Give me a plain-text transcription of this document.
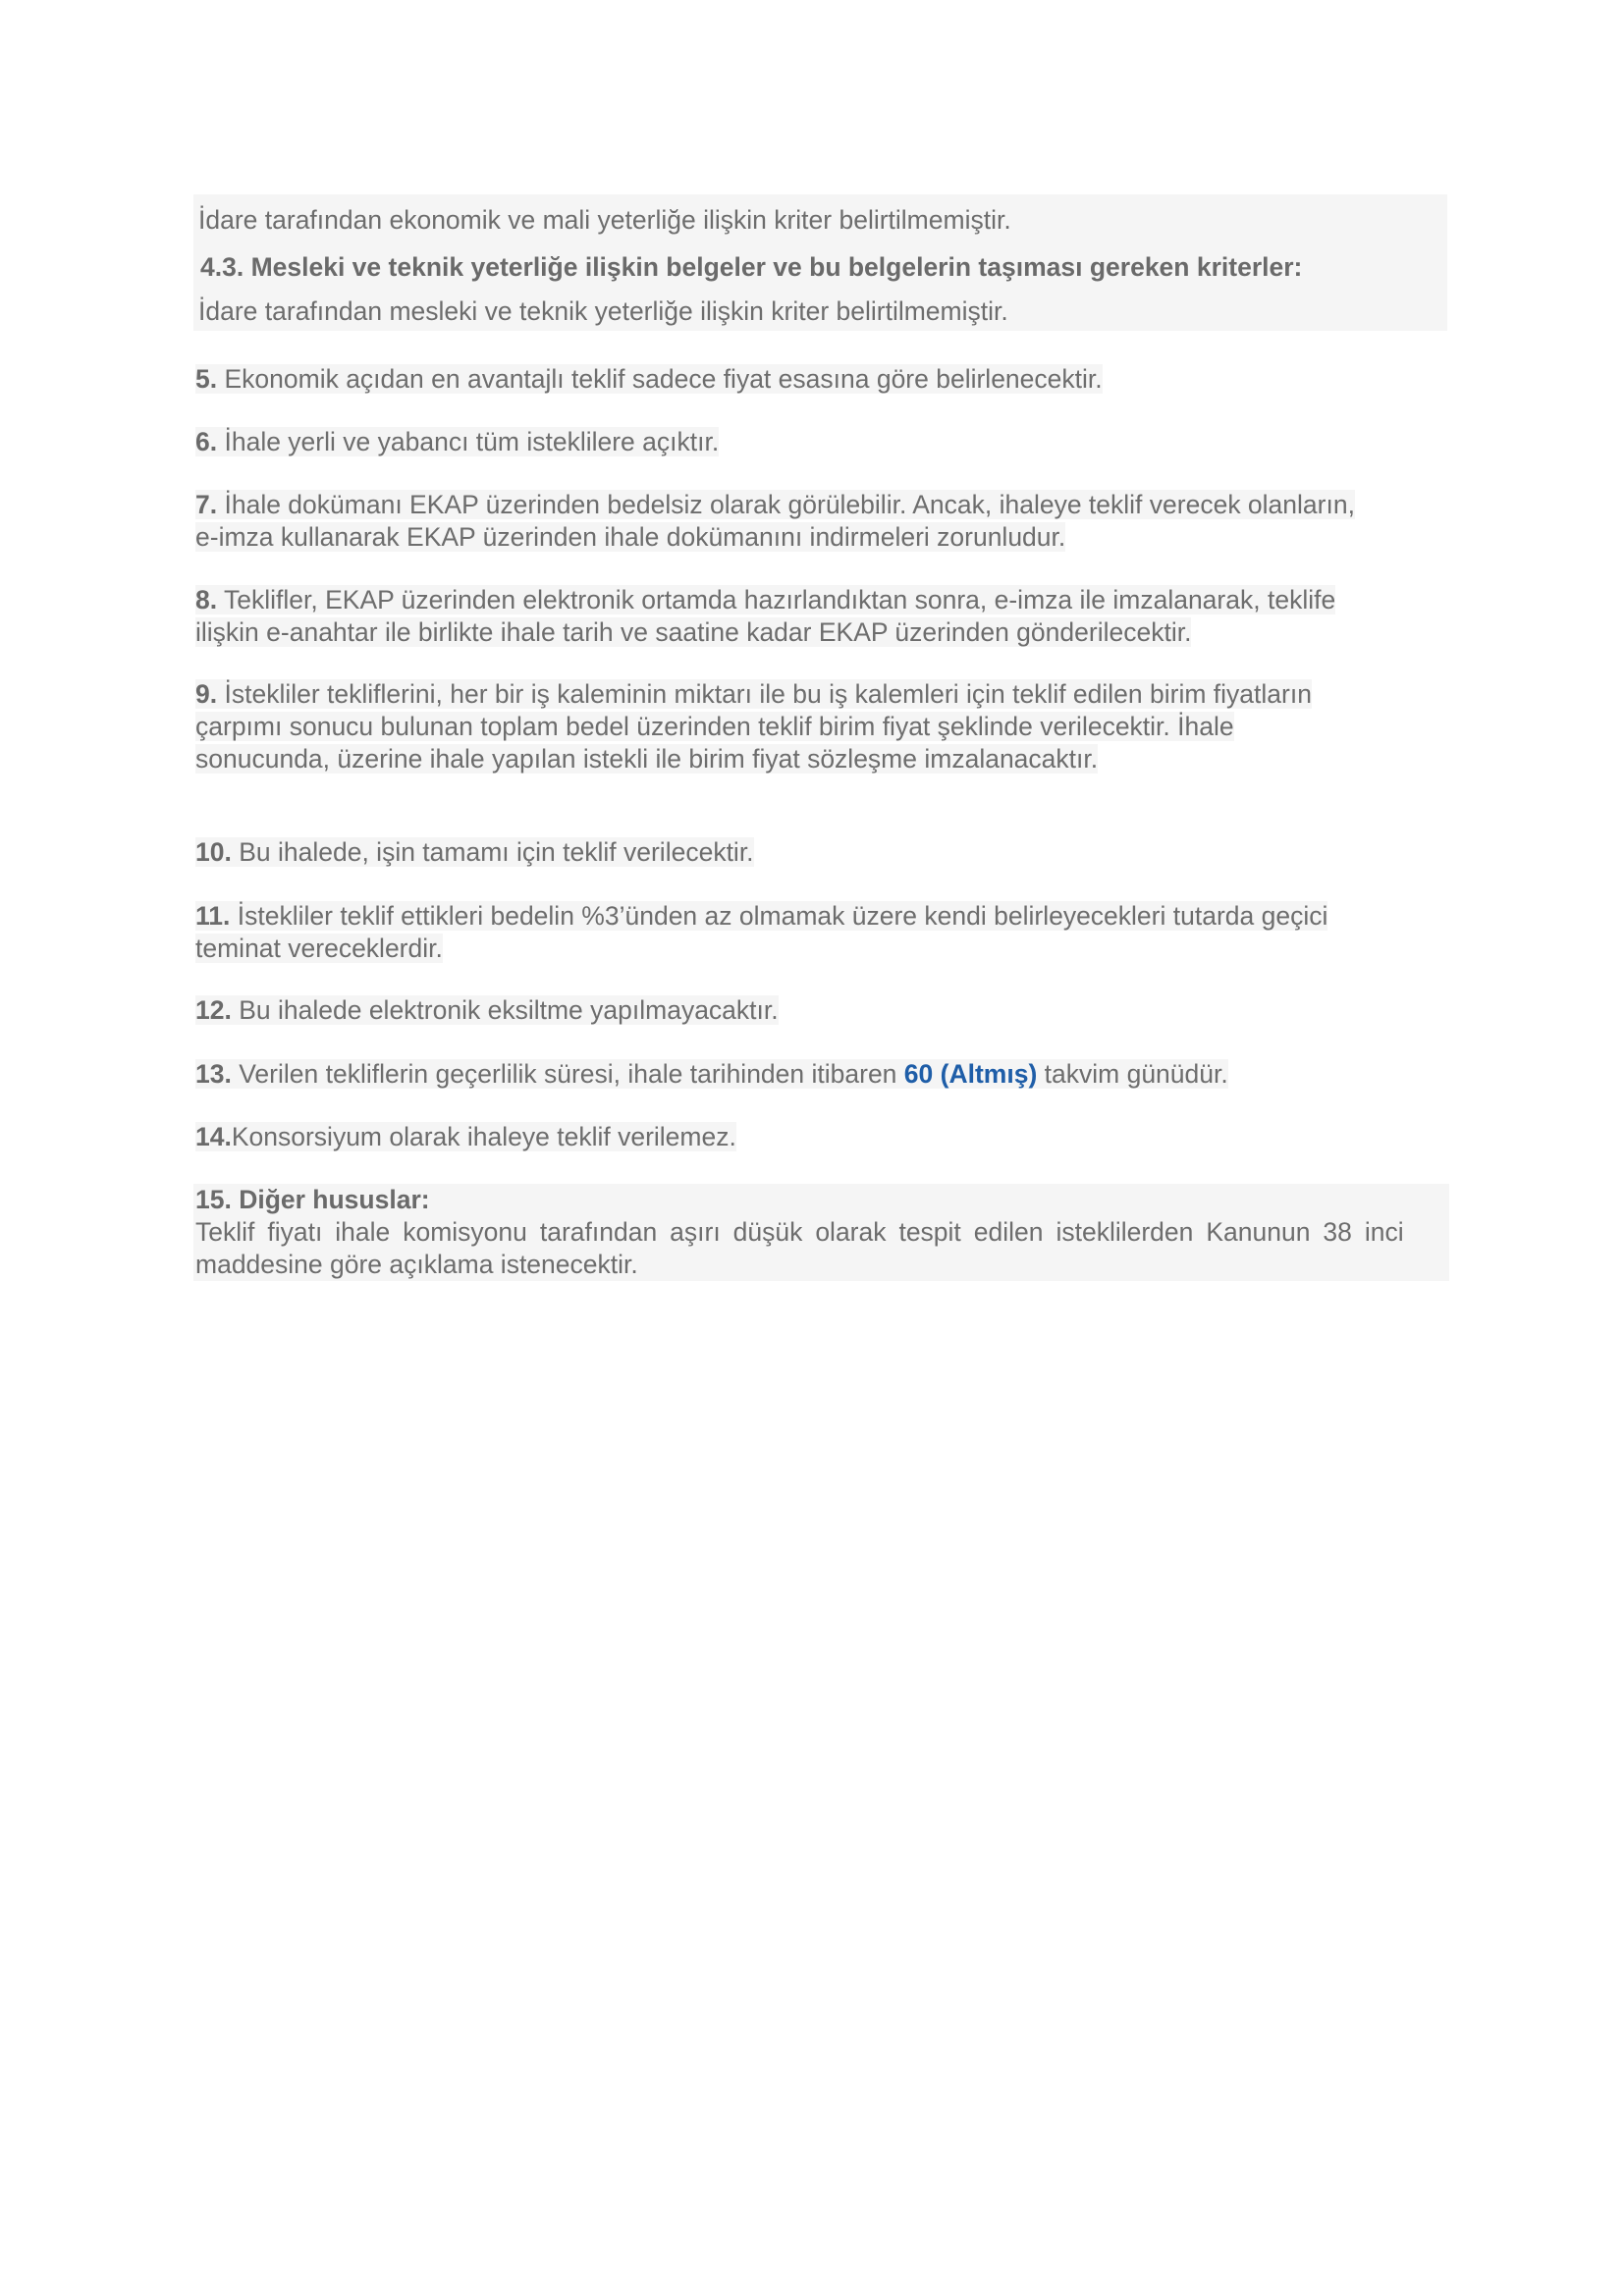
İdare tarafından ekonomik ve mali yeterliğe ilişkin kriter belirtilmemiştir.
4.3. Mesleki ve teknik yeterliğe ilişkin belgeler ve bu belgelerin taşıması gereken kriterler:
İdare tarafından mesleki ve teknik yeterliğe ilişkin kriter belirtilmemiştir.
5. Ekonomik açıdan en avantajlı teklif sadece fiyat esasına göre belirlenecektir.
6. İhale yerli ve yabancı tüm isteklilere açıktır.
7. İhale dokümanı EKAP üzerinden bedelsiz olarak görülebilir. Ancak, ihaleye teklif verecek olanların,
e-imza kullanarak EKAP üzerinden ihale dokümanını indirmeleri zorunludur.
8. Teklifler, EKAP üzerinden elektronik ortamda hazırlandıktan sonra, e-imza ile imzalanarak, teklife
ilişkin e-anahtar ile birlikte ihale tarih ve saatine kadar EKAP üzerinden gönderilecektir.
9. İstekliler tekliflerini, her bir iş kaleminin miktarı ile bu iş kalemleri için teklif edilen birim fiyatların
çarpımı sonucu bulunan toplam bedel üzerinden teklif birim fiyat şeklinde verilecektir. İhale
sonucunda, üzerine ihale yapılan istekli ile birim fiyat sözleşme imzalanacaktır.
10. Bu ihalede, işin tamamı için teklif verilecektir.
11. İstekliler teklif ettikleri bedelin %3’ünden az olmamak üzere kendi belirleyecekleri tutarda geçici
teminat vereceklerdir.
12. Bu ihalede elektronik eksiltme yapılmayacaktır.
13. Verilen tekliflerin geçerlilik süresi, ihale tarihinden itibaren 60 (Altmış) takvim günüdür.
14.Konsorsiyum olarak ihaleye teklif verilemez.
15. Diğer hususlar:
Teklif fiyatı ihale komisyonu tarafından aşırı düşük olarak tespit edilen isteklilerden Kanunun 38 inci
maddesine göre açıklama istenecektir.
